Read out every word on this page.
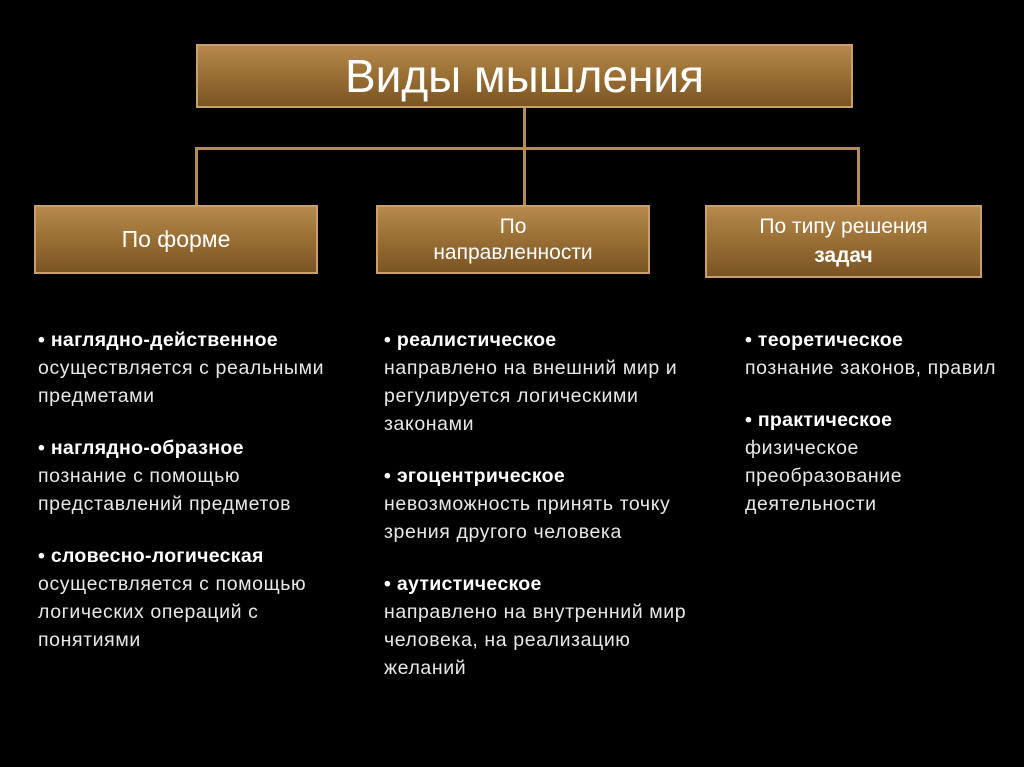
Виды мышления
По форме	По
направленности
По типу решения
задач
• наглядно-действенное
осуществляется с реальными предметами
• наглядно-образное
познание с помощью представлений предметов
• словесно-логическая
осуществляется с помощью логических операций с понятиями
• реалистическое
направлено на внешний мир и регулируется логическими законами
• эгоцентрическое
невозможность принять точку зрения другого человека
• аутистическое
направлено на внутренний мир человека, на реализацию желаний
• теоретическое
познание законов, правил
• практическое
физическое преобразование деятельности
